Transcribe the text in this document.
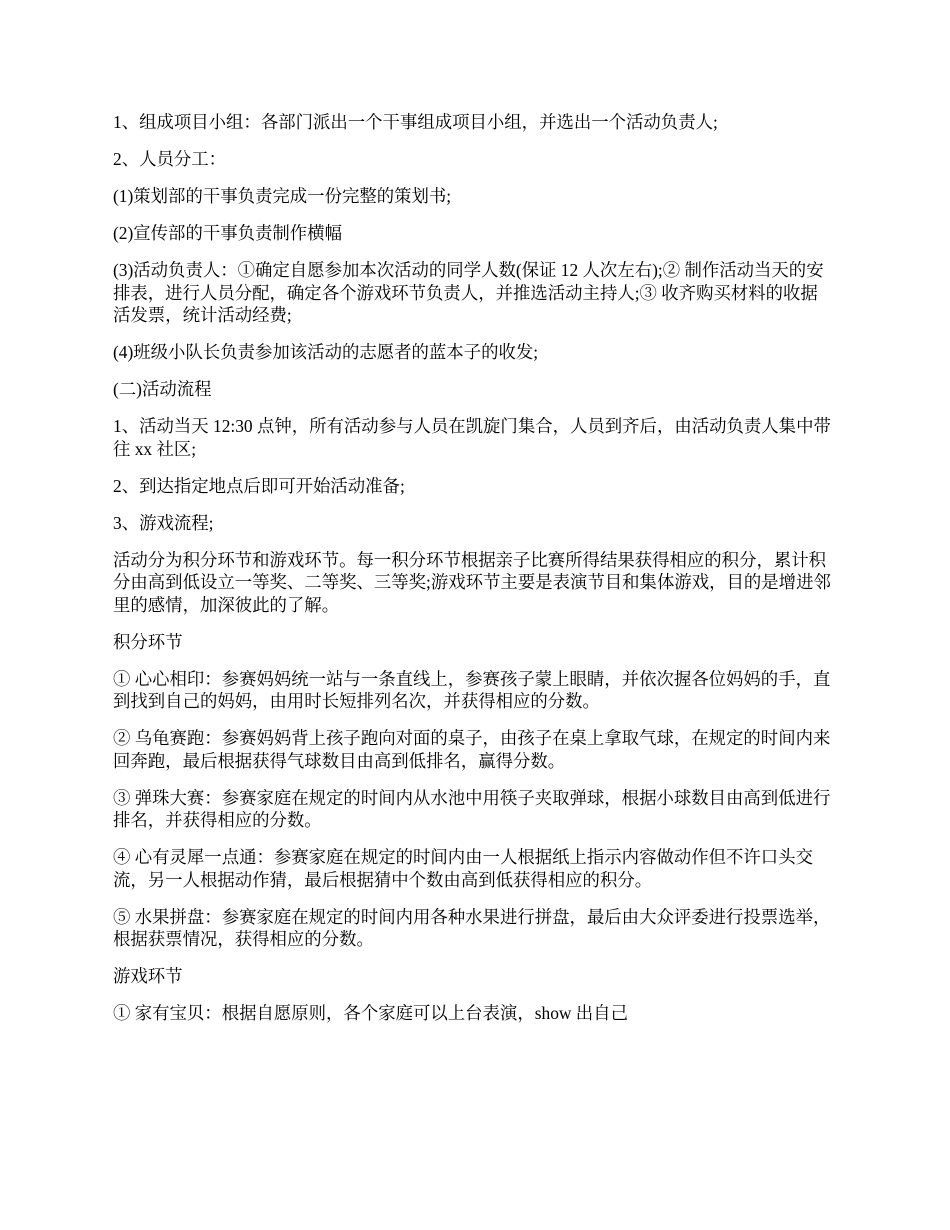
1、组成项目小组：各部门派出一个干事组成项目小组，并选出一个活动负责人;

2、人员分工：

(1)策划部的干事负责完成一份完整的策划书;

(2)宣传部的干事负责制作横幅

(3)活动负责人：①确定自愿参加本次活动的同学人数(保证 12 人次左右);② 制作活动当天的安排表，进行人员分配，确定各个游戏环节负责人，并推选活动主持人;③ 收齐购买材料的收据活发票，统计活动经费;

(4)班级小队长负责参加该活动的志愿者的蓝本子的收发;

(二)活动流程

1、活动当天 12:30 点钟，所有活动参与人员在凯旋门集合，人员到齐后，由活动负责人集中带往 xx 社区;

2、到达指定地点后即可开始活动准备;

3、游戏流程;

活动分为积分环节和游戏环节。每一积分环节根据亲子比赛所得结果获得相应的积分，累计积分由高到低设立一等奖、二等奖、三等奖;游戏环节主要是表演节目和集体游戏，目的是增进邻里的感情，加深彼此的了解。

积分环节

① 心心相印：参赛妈妈统一站与一条直线上，参赛孩子蒙上眼睛，并依次握各位妈妈的手，直到找到自己的妈妈，由用时长短排列名次，并获得相应的分数。

② 乌龟赛跑：参赛妈妈背上孩子跑向对面的桌子，由孩子在桌上拿取气球，在规定的时间内来回奔跑，最后根据获得气球数目由高到低排名，赢得分数。

③ 弹珠大赛：参赛家庭在规定的时间内从水池中用筷子夹取弹球，根据小球数目由高到低进行排名，并获得相应的分数。

④ 心有灵犀一点通：参赛家庭在规定的时间内由一人根据纸上指示内容做动作但不许口头交流，另一人根据动作猜，最后根据猜中个数由高到低获得相应的积分。

⑤ 水果拼盘：参赛家庭在规定的时间内用各种水果进行拼盘，最后由大众评委进行投票选举，根据获票情况，获得相应的分数。

游戏环节

① 家有宝贝：根据自愿原则，各个家庭可以上台表演，show 出自己
